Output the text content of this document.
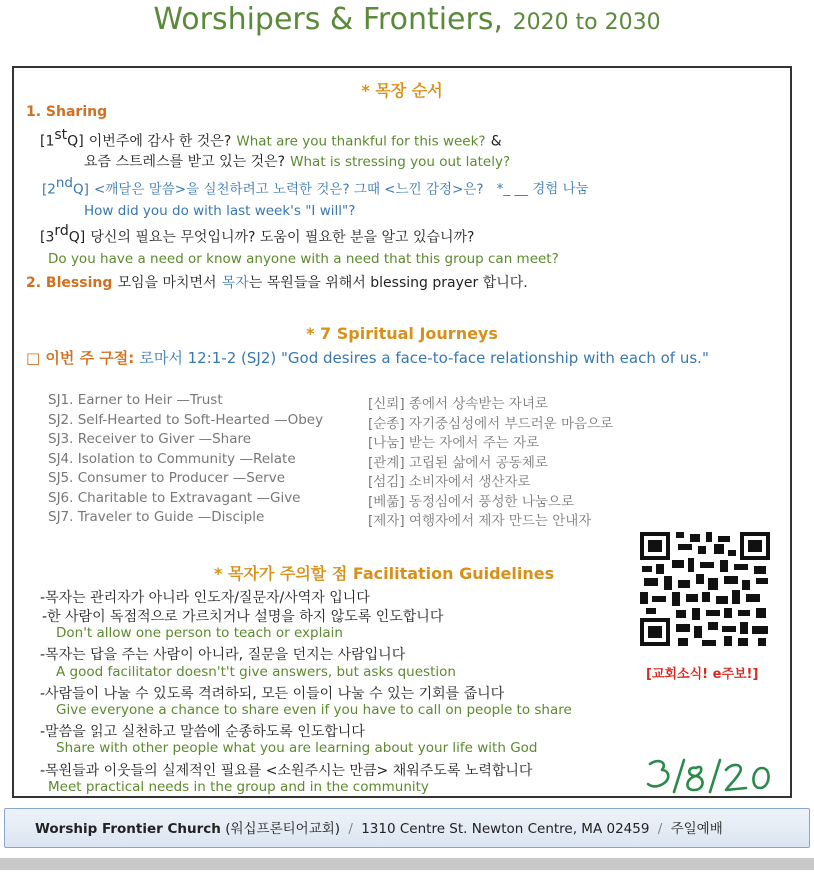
Worshipers & Frontiers, 2020 to 2030
* 목장 순서
1. Sharing
[1stQ] 이번주에 감사 한 것은? What are you thankful for this week? &
요즘 스트레스를 받고 있는 것은? What is stressing you out lately?
[2ndQ] <깨달은 말씀>을 실천하려고 노력한 것은? 그때 <느낀 감정>은? *_ __ 경험 나눔
How did you do with last week's "I will"?
[3rdQ] 당신의 필요는 무엇입니까? 도움이 필요한 분을 알고 있습니까?
Do you have a need or know anyone with a need that this group can meet?
2. Blessing 모임을 마치면서 목자는 목원들을 위해서 blessing prayer 합니다.
* 7 Spiritual Journeys
□ 이번 주 구절: 로마서 12:1-2 (SJ2) "God desires a face-to-face relationship with each of us."
SJ1. Earner to Heir —Trust	[신뢰] 종에서 상속받는 자녀로
SJ2. Self-Hearted to Soft-Hearted —Obey	[순종] 자기중심성에서 부드러운 마음으로
SJ3. Receiver to Giver —Share	[나눔] 받는 자에서 주는 자로
SJ4. Isolation to Community —Relate	[관계] 고립된 삶에서 공동체로
SJ5. Consumer to Producer —Serve	[섬김] 소비자에서 생산자로
SJ6. Charitable to Extravagant —Give	[베풂] 동정심에서 풍성한 나눔으로
SJ7. Traveler to Guide —Disciple	[제자] 여행자에서 제자 만드는 안내자
* 목자가 주의할 점 Facilitation Guidelines
-목자는 관리자가 아니라 인도자/질문자/사역자 입니다
-한 사람이 독점적으로 가르치거나 설명을 하지 않도록 인도합니다
Don't allow one person to teach or explain
-목자는 답을 주는 사람이 아니라, 질문을 던지는 사람입니다
A good facilitator doesn't't give answers, but asks question
-사람들이 나눌 수 있도록 격려하되, 모든 이들이 나눌 수 있는 기회를 줍니다
Give everyone a chance to share even if you have to call on people to share
-말씀을 읽고 실천하고 말씀에 순종하도록 인도합니다
Share with other people what you are learning about your life with God
-목원들과 이웃들의 실제적인 필요를 <소원주시는 만큼> 채워주도록 노력합니다
Meet practical needs in the group and in the community
[교회소식! e주보!]
Worship Frontier Church (워십프론티어교회) / 1310 Centre St. Newton Centre, MA 02459 / 주일예배
